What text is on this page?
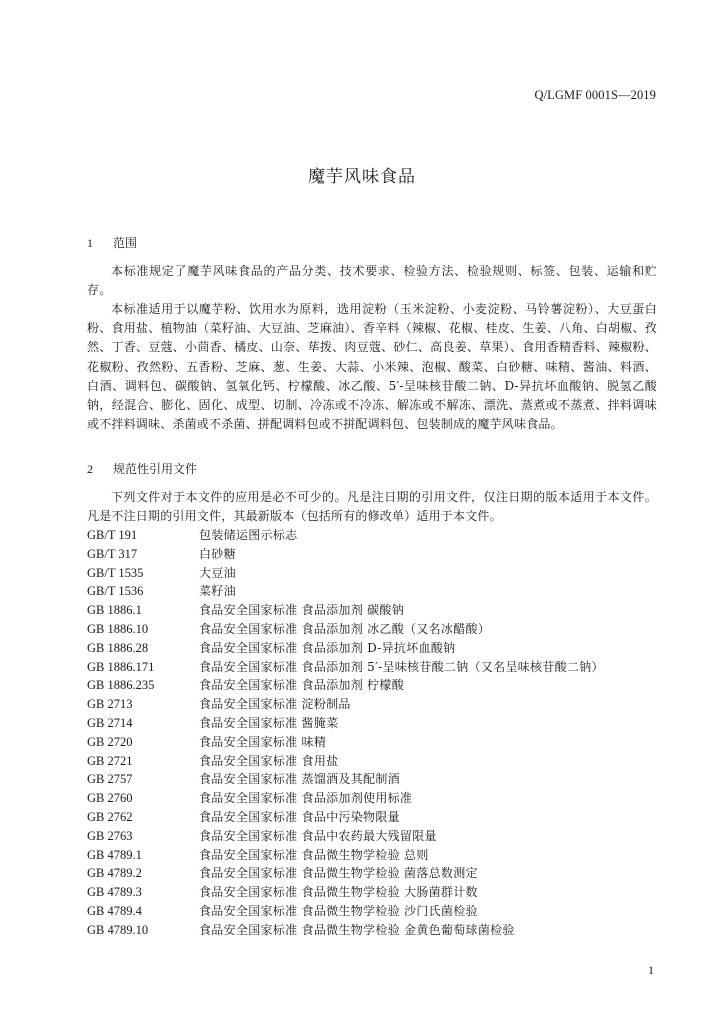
Q/LGMF 0001S—2019
魔芋风味食品
1 范围
本标准规定了魔芋风味食品的产品分类、技术要求、检验方法、检验规则、标签、包装、运输和贮存。
本标准适用于以魔芋粉、饮用水为原料，选用淀粉（玉米淀粉、小麦淀粉、马铃薯淀粉）、大豆蛋白粉、食用盐、植物油（菜籽油、大豆油、芝麻油）、香辛料（辣椒、花椒、桂皮、生姜、八角、白胡椒、孜然、丁香、豆蔻、小茴香、橘皮、山奈、荜拨、肉豆蔻、砂仁、高良姜、草果）、食用香精香料、辣椒粉、花椒粉、孜然粉、五香粉、芝麻、葱、生姜、大蒜、小米辣、泡椒、酸菜、白砂糖、味精、酱油、料酒、白酒、调料包、碳酸钠、氢氧化钙、柠檬酸、冰乙酸、5′-呈味核苷酸二钠、D-异抗坏血酸钠、脱氢乙酸钠，经混合、膨化、固化、成型、切制、冷冻或不冷冻、解冻或不解冻、漂洗、蒸煮或不蒸煮、拌料调味或不拌料调味、杀菌或不杀菌、拼配调料包或不拼配调料包、包装制成的魔芋风味食品。
2 规范性引用文件
下列文件对于本文件的应用是必不可少的。凡是注日期的引用文件，仅注日期的版本适用于本文件。凡是不注日期的引用文件，其最新版本（包括所有的修改单）适用于本文件。
GB/T 191	包装储运图示标志
GB/T 317	白砂糖
GB/T 1535	大豆油
GB/T 1536	菜籽油
GB 1886.1	食品安全国家标准 食品添加剂 碳酸钠
GB 1886.10	食品安全国家标准 食品添加剂 冰乙酸（又名冰醋酸）
GB 1886.28	食品安全国家标准 食品添加剂 D-异抗坏血酸钠
GB 1886.171	食品安全国家标准 食品添加剂 5′-呈味核苷酸二钠（又名呈味核苷酸二钠）
GB 1886.235	食品安全国家标准 食品添加剂 柠檬酸
GB 2713	食品安全国家标准 淀粉制品
GB 2714	食品安全国家标准 酱腌菜
GB 2720	食品安全国家标准 味精
GB 2721	食品安全国家标准 食用盐
GB 2757	食品安全国家标准 蒸馏酒及其配制酒
GB 2760	食品安全国家标准 食品添加剂使用标准
GB 2762	食品安全国家标准 食品中污染物限量
GB 2763	食品安全国家标准 食品中农药最大残留限量
GB 4789.1	食品安全国家标准 食品微生物学检验 总则
GB 4789.2	食品安全国家标准 食品微生物学检验 菌落总数测定
GB 4789.3	食品安全国家标准 食品微生物学检验 大肠菌群计数
GB 4789.4	食品安全国家标准 食品微生物学检验 沙门氏菌检验
GB 4789.10	食品安全国家标准 食品微生物学检验 金黄色葡萄球菌检验
1
